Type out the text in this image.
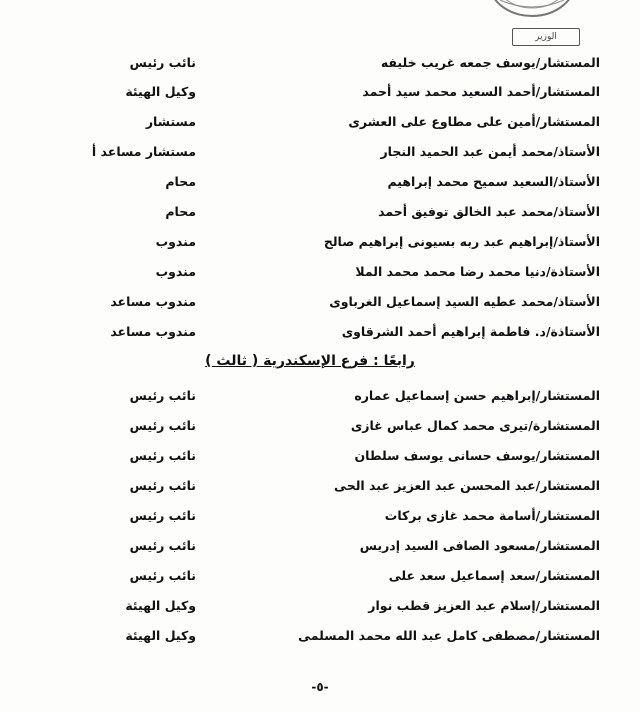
الوزير
المستشار/يوسف جمعه غريب خليفه
نائب رئيس
المستشار/أحمد السعيد محمد سيد أحمد
وكيل الهيئة
المستشار/أمين على مطاوع على العشرى
مستشار
الأستاذ/محمد أيمن عبد الحميد النجار
مستشار مساعد أ
الأستاذ/السعيد سميح محمد إبراهيم
محام
الأستاذ/محمد عبد الخالق توفيق أحمد
محام
الأستاذ/إبراهيم عبد ربه بسيونى إبراهيم صالح
مندوب
الأستاذة/دنيا محمد رضا محمد محمد الملا
مندوب
الأستاذ/محمد عطيه السيد إسماعيل الغرباوى
مندوب مساعد
الأستاذة/د. فاطمة إبراهيم أحمد الشرقاوى
مندوب مساعد
رابعًا : فرع الإسكندرية ( ثالث )
المستشار/إبراهيم حسن إسماعيل عماره
نائب رئيس
المستشارة/تيرى محمد كمال عباس غازى
نائب رئيس
المستشار/يوسف حسانى يوسف سلطان
نائب رئيس
المستشار/عبد المحسن عبد العزيز عبد الحى
نائب رئيس
المستشار/أسامة محمد غازى بركات
نائب رئيس
المستشار/مسعود الصافى السيد إدريس
نائب رئيس
المستشار/سعد إسماعيل سعد على
نائب رئيس
المستشار/إسلام عبد العزيز قطب نوار
وكيل الهيئة
المستشار/مصطفى كامل عبد الله محمد المسلمى
وكيل الهيئة
-٥-
